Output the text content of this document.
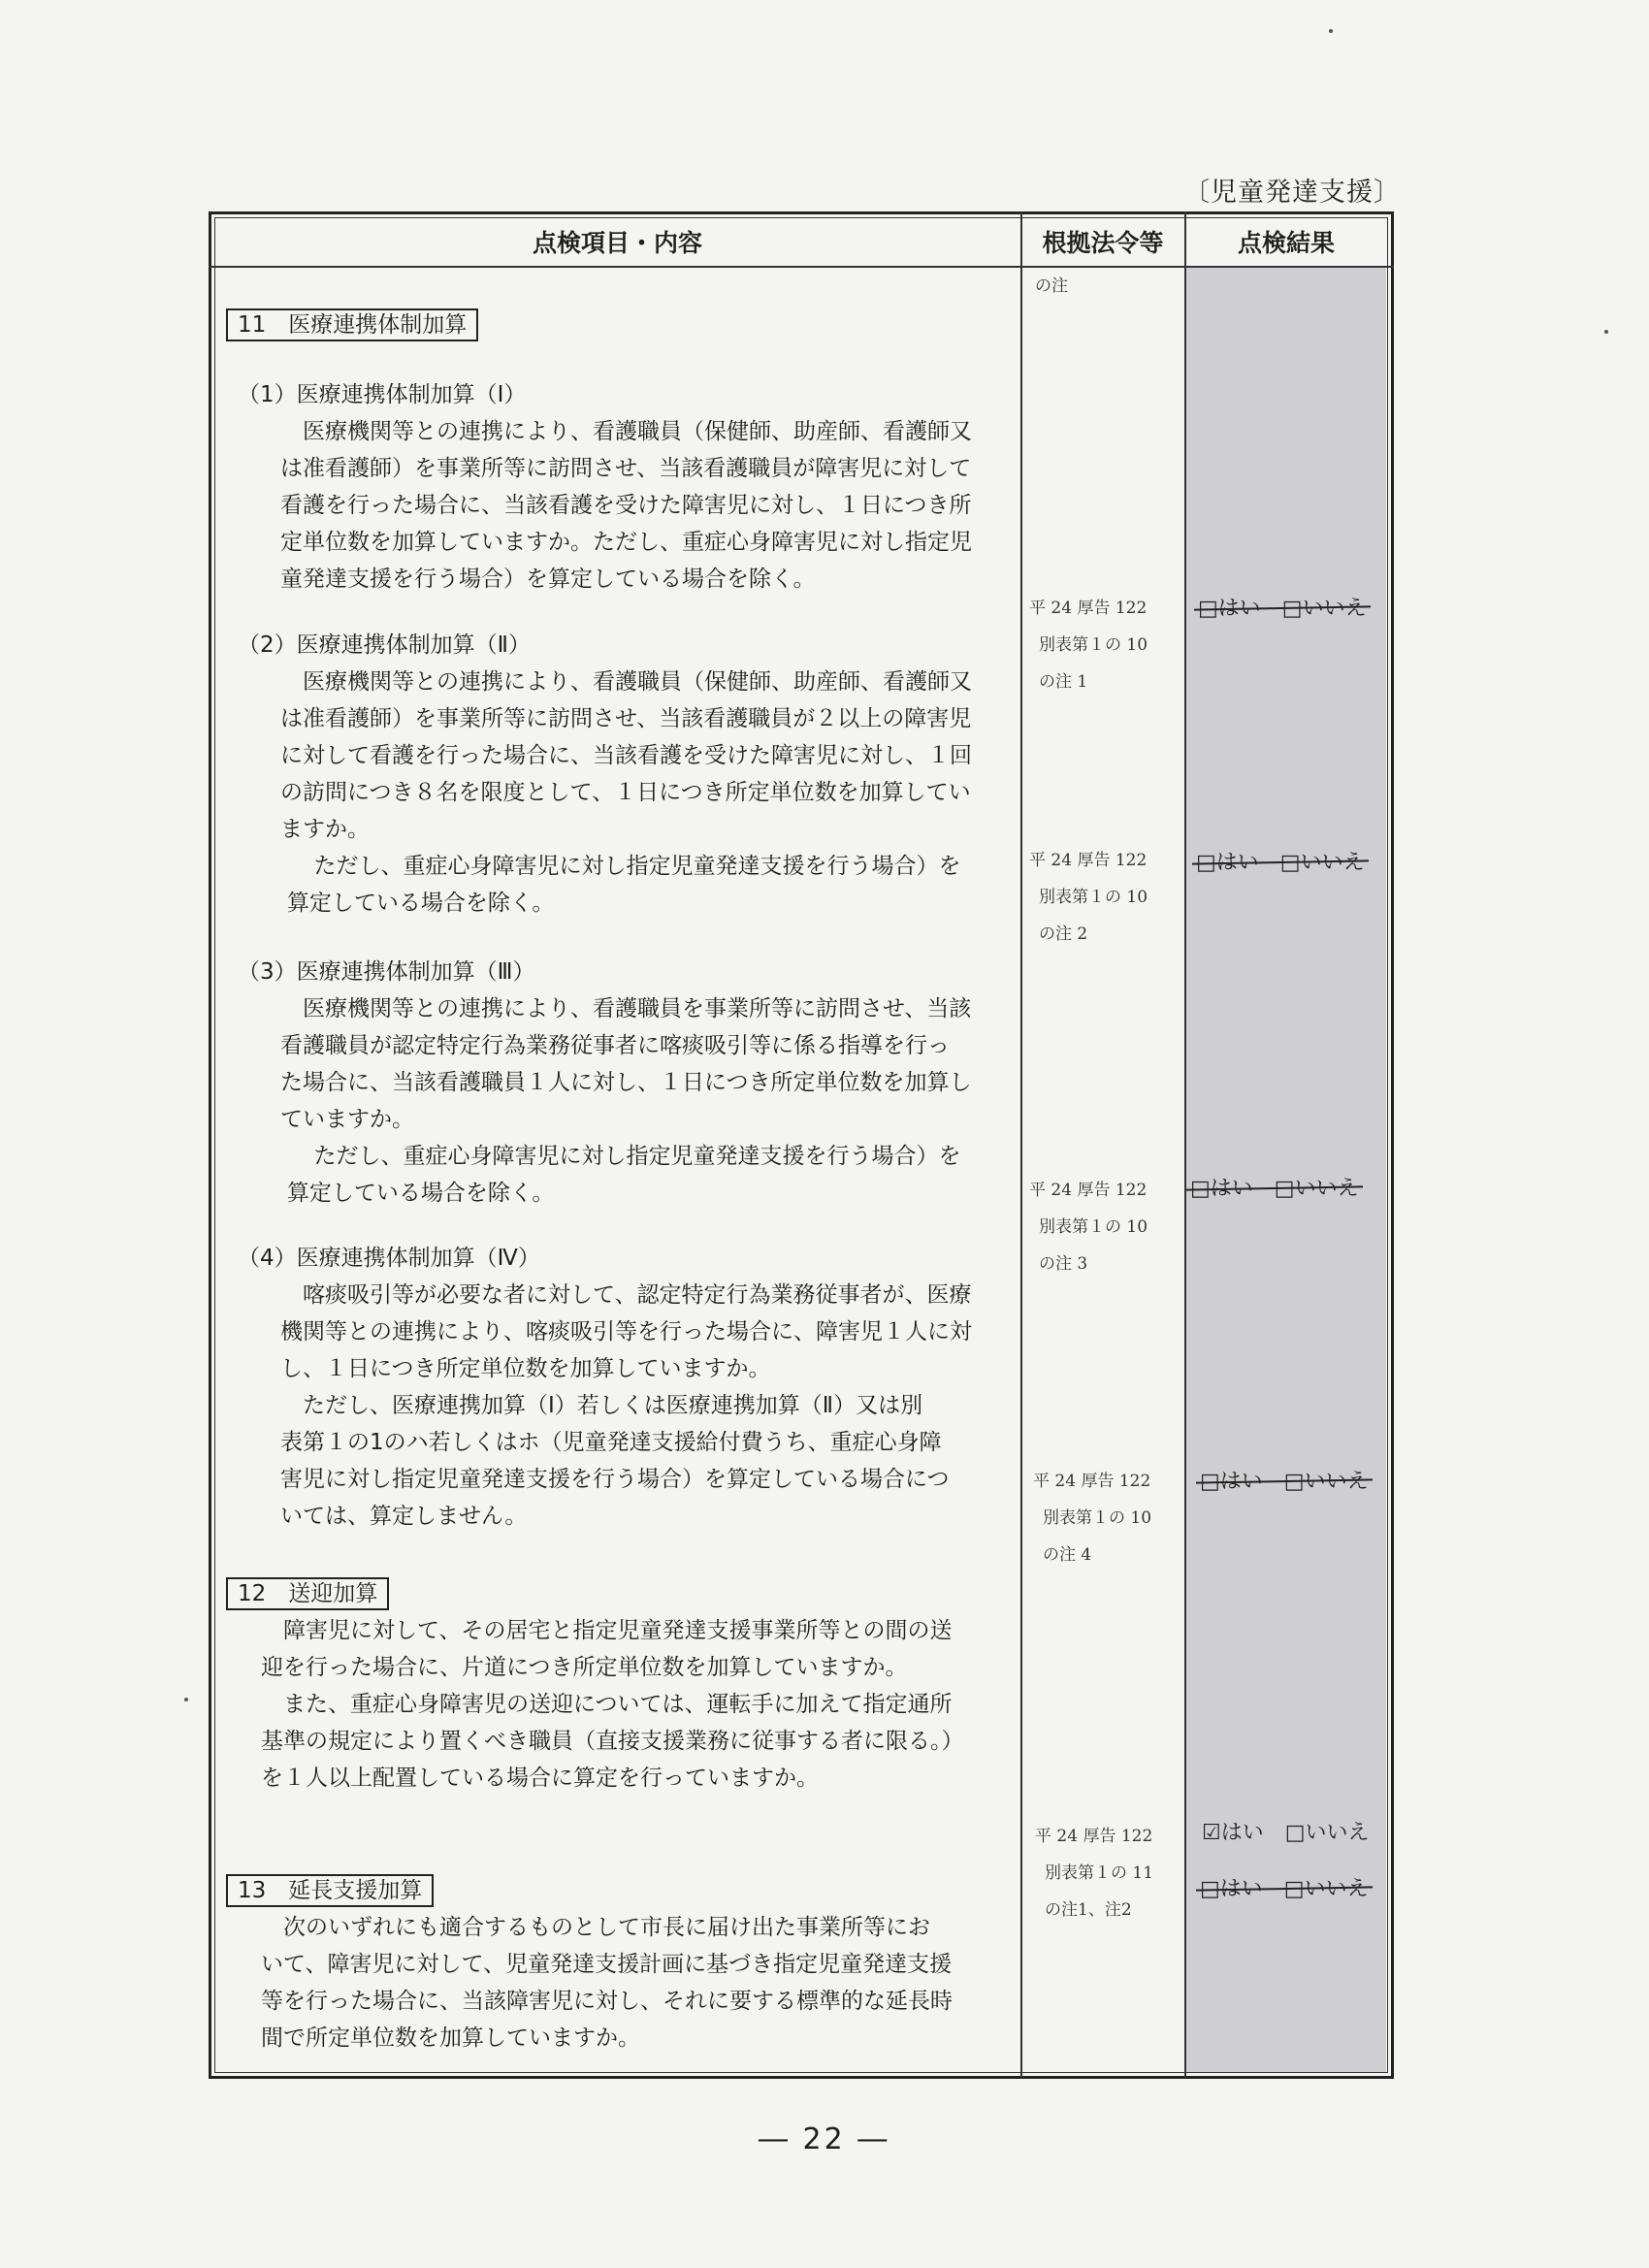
〔児童発達支援〕
点検項目・内容	根拠法令等	点検結果
の注
11　医療連携体制加算
（1）医療連携体制加算（Ⅰ）
医療機関等との連携により、看護職員（保健師、助産師、看護師又
は准看護師）を事業所等に訪問させ、当該看護職員が障害児に対して
看護を行った場合に、当該看護を受けた障害児に対し、１日につき所
定単位数を加算していますか。ただし、重症心身障害児に対し指定児
童発達支援を行う場合）を算定している場合を除く。
（2）医療連携体制加算（Ⅱ）
医療機関等との連携により、看護職員（保健師、助産師、看護師又
は准看護師）を事業所等に訪問させ、当該看護職員が２以上の障害児
に対して看護を行った場合に、当該看護を受けた障害児に対し、１回
の訪問につき８名を限度として、１日につき所定単位数を加算してい
ますか。
ただし、重症心身障害児に対し指定児童発達支援を行う場合）を
算定している場合を除く。
（3）医療連携体制加算（Ⅲ）
医療機関等との連携により、看護職員を事業所等に訪問させ、当該
看護職員が認定特定行為業務従事者に喀痰吸引等に係る指導を行っ
た場合に、当該看護職員１人に対し、１日につき所定単位数を加算し
ていますか。
ただし、重症心身障害児に対し指定児童発達支援を行う場合）を
算定している場合を除く。
（4）医療連携体制加算（Ⅳ）
喀痰吸引等が必要な者に対して、認定特定行為業務従事者が、医療
機関等との連携により、喀痰吸引等を行った場合に、障害児１人に対
し、１日につき所定単位数を加算していますか。
ただし、医療連携加算（Ⅰ）若しくは医療連携加算（Ⅱ）又は別
表第１の1のハ若しくはホ（児童発達支援給付費うち、重症心身障
害児に対し指定児童発達支援を行う場合）を算定している場合につ
いては、算定しません。
12　送迎加算
障害児に対して、その居宅と指定児童発達支援事業所等との間の送
迎を行った場合に、片道につき所定単位数を加算していますか。
また、重症心身障害児の送迎については、運転手に加えて指定通所
基準の規定により置くべき職員（直接支援業務に従事する者に限る。）
を１人以上配置している場合に算定を行っていますか。
13　延長支援加算
次のいずれにも適合するものとして市長に届け出た事業所等にお
いて、障害児に対して、児童発達支援計画に基づき指定児童発達支援
等を行った場合に、当該障害児に対し、それに要する標準的な延長時
間で所定単位数を加算していますか。
平 24 厚告 122
別表第１の 10
の注 1
平 24 厚告 122
別表第１の 10
の注 2
平 24 厚告 122
別表第１の 10
の注 3
平 24 厚告 122
別表第１の 10
の注 4
平 24 厚告 122
別表第１の 11
の注1、注2
□はい　□いいえ
□はい　□いいえ
□はい　□いいえ
□はい　□いいえ
☑はい　□いいえ
□はい　□いいえ
― 22 ―
